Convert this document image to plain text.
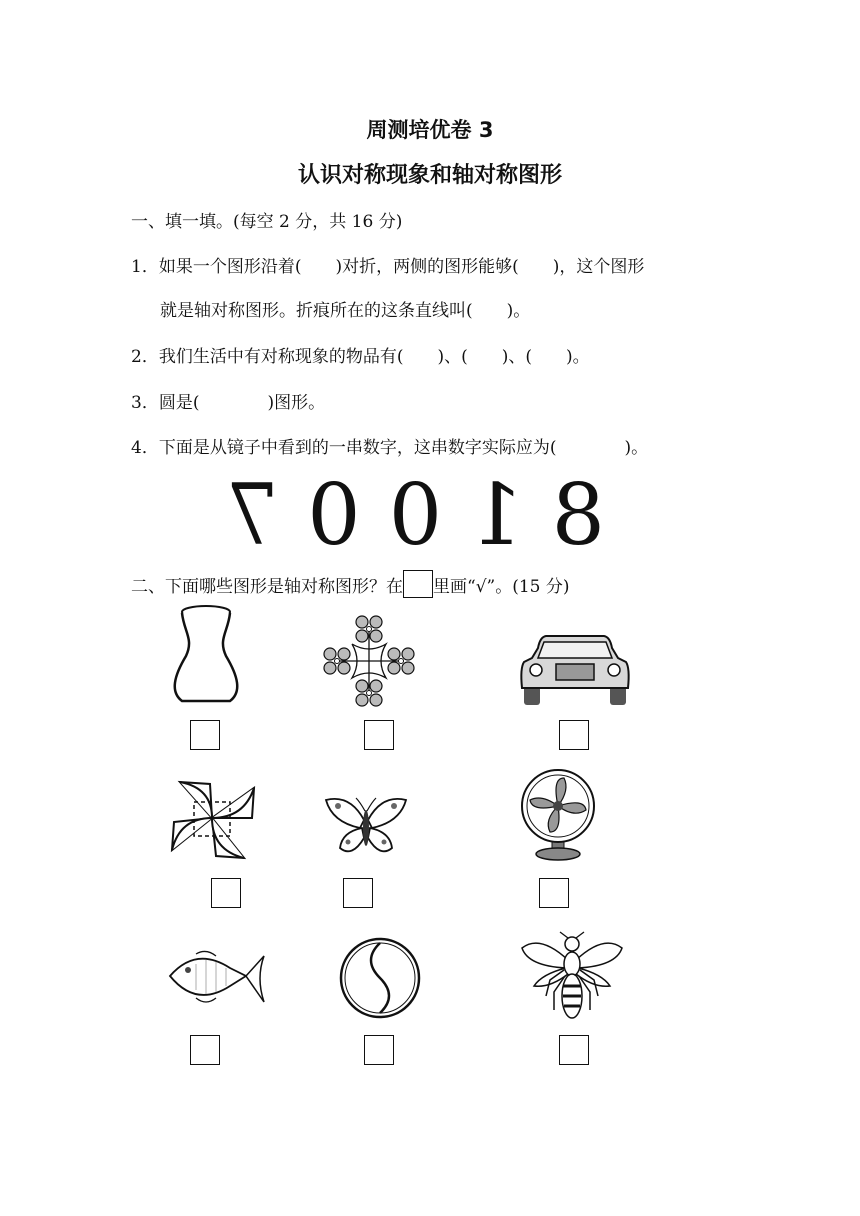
周测培优卷 3
认识对称现象和轴对称图形
一、填一填。(每空 2 分，共 16 分)
1．如果一个图形沿着(　　)对折，两侧的图形能够(　　)，这个图形
就是轴对称图形。折痕所在的这条直线叫(　　)。
2．我们生活中有对称现象的物品有(　　)、(　　)、(　　)。
3．圆是(　　　　)图形。
4．下面是从镜子中看到的一串数字，这串数字实际应为(　　　　)。
81007
二、下面哪些图形是轴对称图形？在 里画“√”。(15 分)
